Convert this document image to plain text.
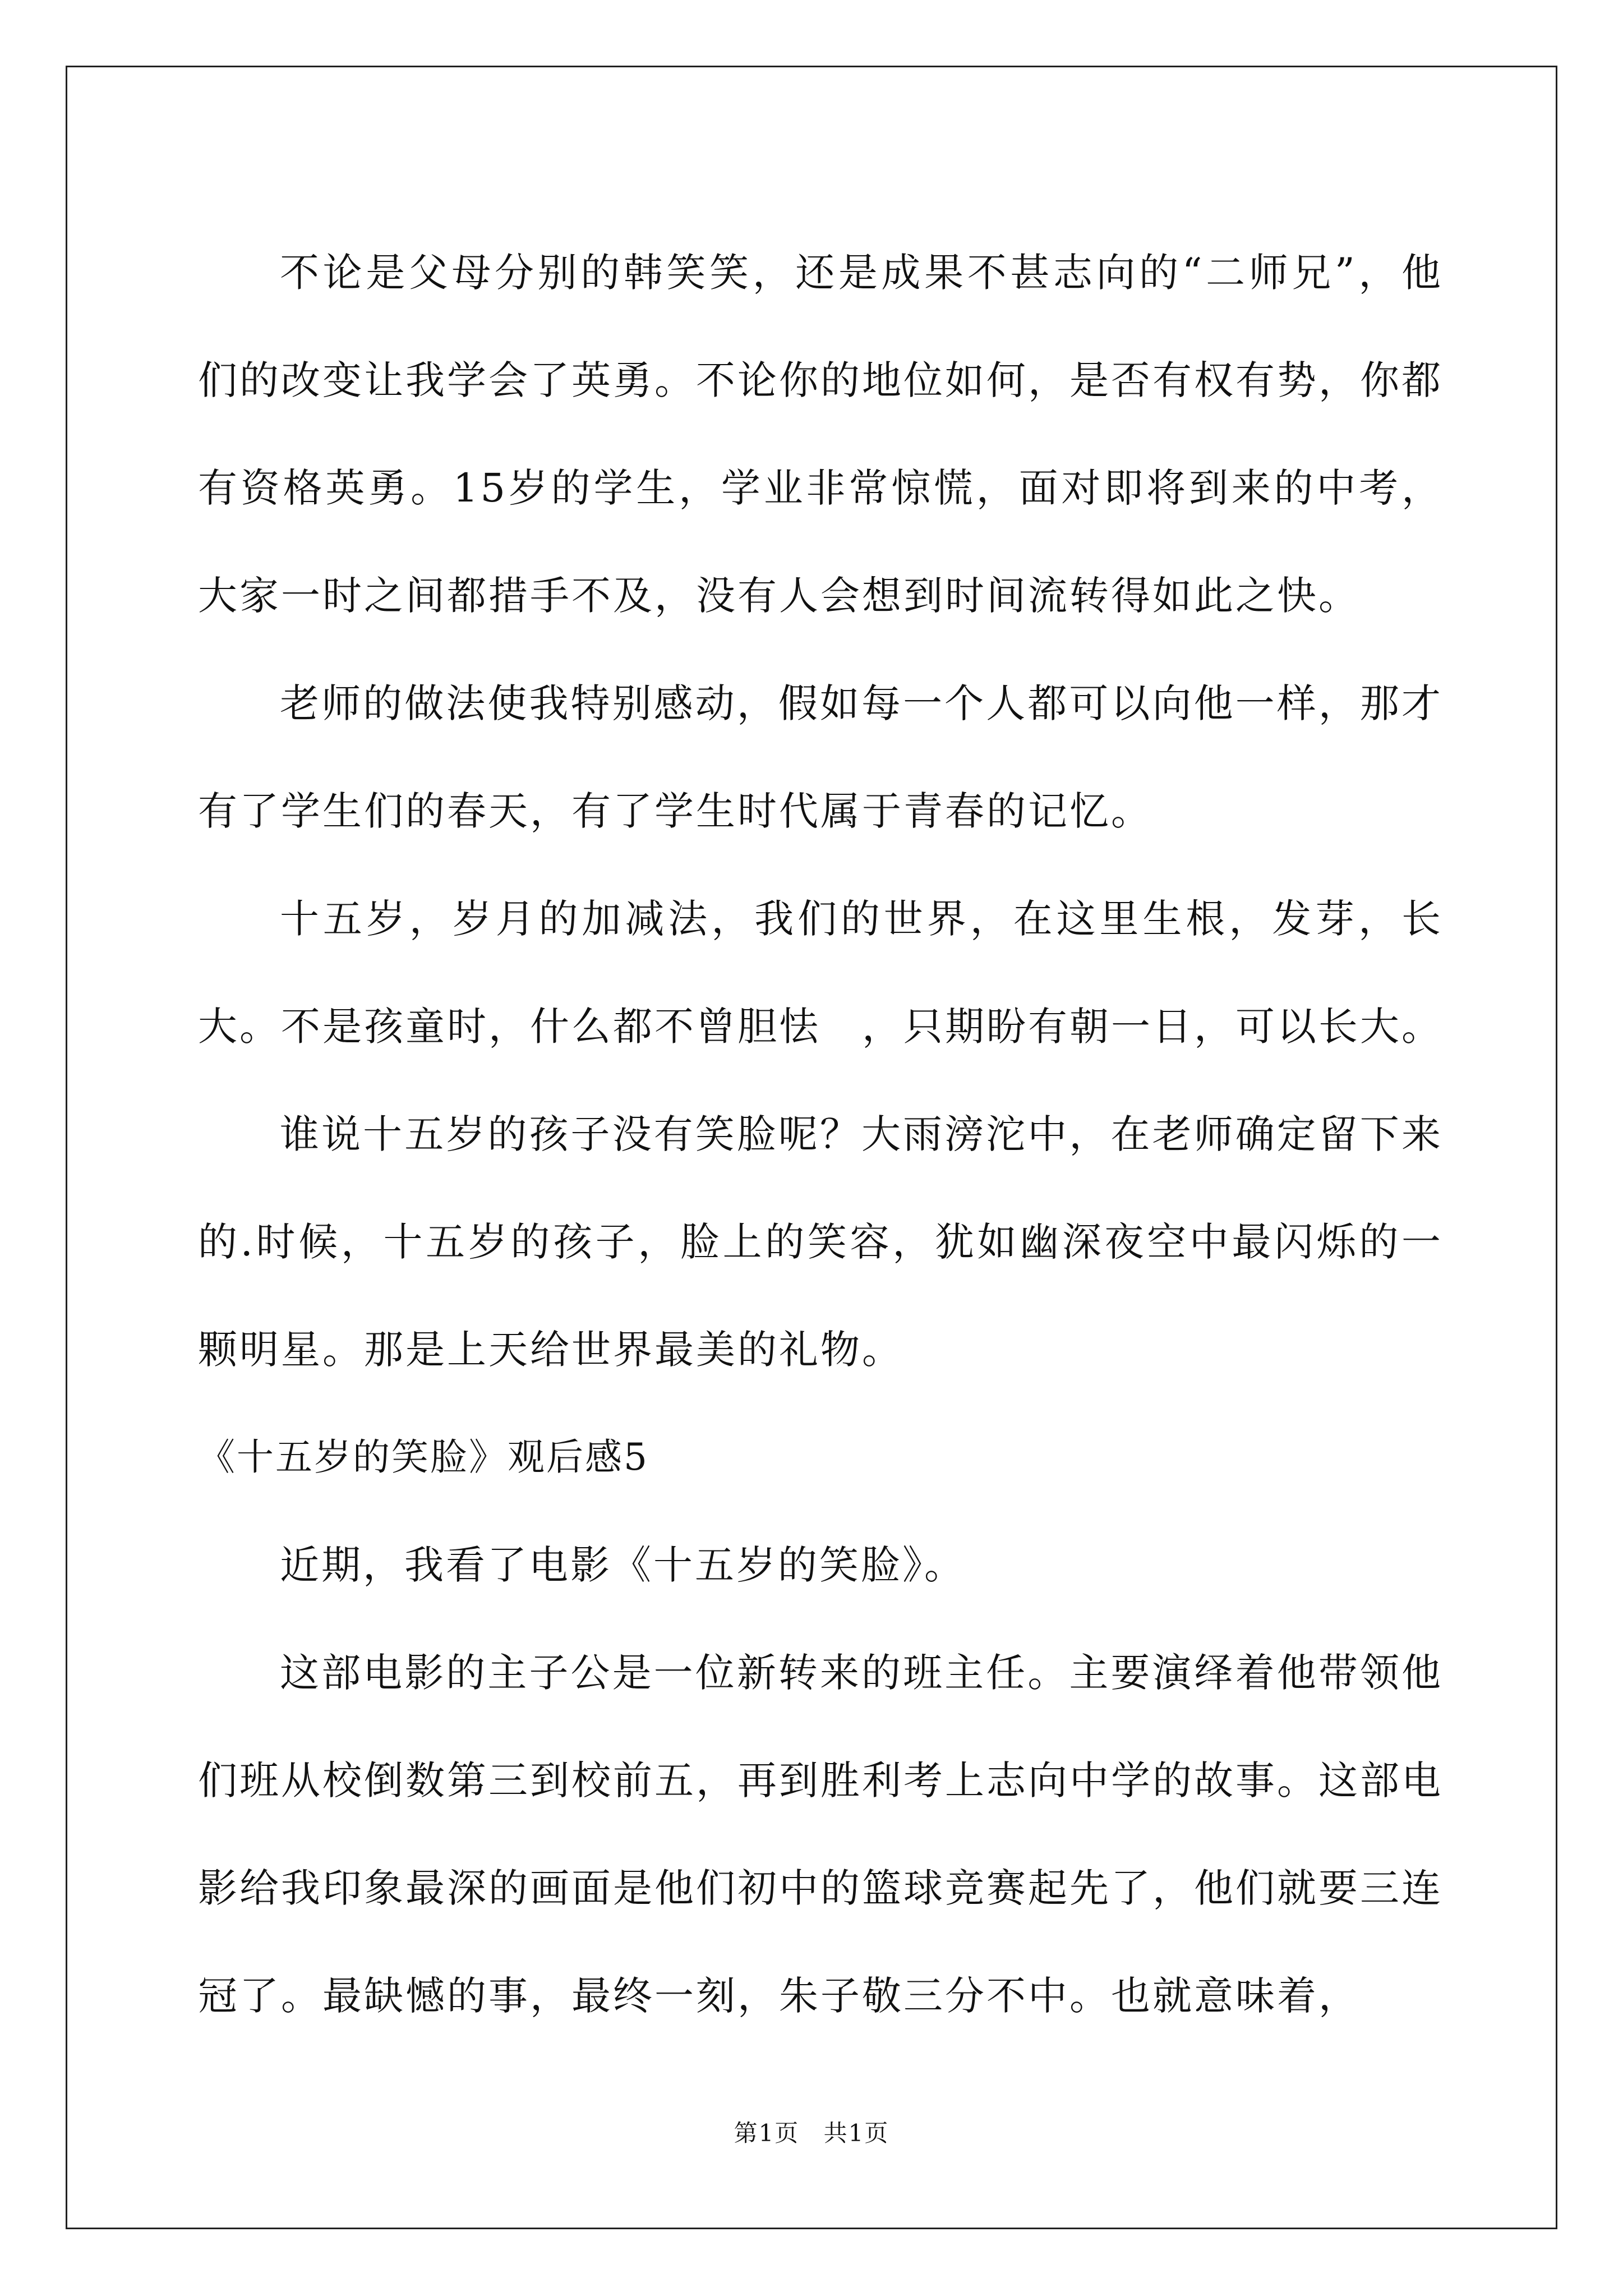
不论是父母分别的韩笑笑，还是成果不甚志向的“二师兄”，他们的改变让我学会了英勇。不论你的地位如何，是否有权有势，你都有资格英勇。15岁的学生，学业非常惊慌，面对即将到来的中考，大家一时之间都措手不及，没有人会想到时间流转得如此之快。

老师的做法使我特别感动，假如每一个人都可以向他一样，那才有了学生们的春天，有了学生时代属于青春的记忆。

十五岁，岁月的加减法，我们的世界，在这里生根，发芽，长大。不是孩童时，什么都不曾胆怯　，只期盼有朝一日，可以长大。

谁说十五岁的孩子没有笑脸呢？大雨滂沱中，在老师确定留下来的.时候，十五岁的孩子，脸上的笑容，犹如幽深夜空中最闪烁的一颗明星。那是上天给世界最美的礼物。

《十五岁的笑脸》观后感5

近期，我看了电影《十五岁的笑脸》。

这部电影的主子公是一位新转来的班主任。主要演绎着他带领他们班从校倒数第三到校前五，再到胜利考上志向中学的故事。这部电影给我印象最深的画面是他们初中的篮球竞赛起先了，他们就要三连冠了。最缺憾的事，最终一刻，朱子敬三分不中。也就意味着，

第1页 共1页
